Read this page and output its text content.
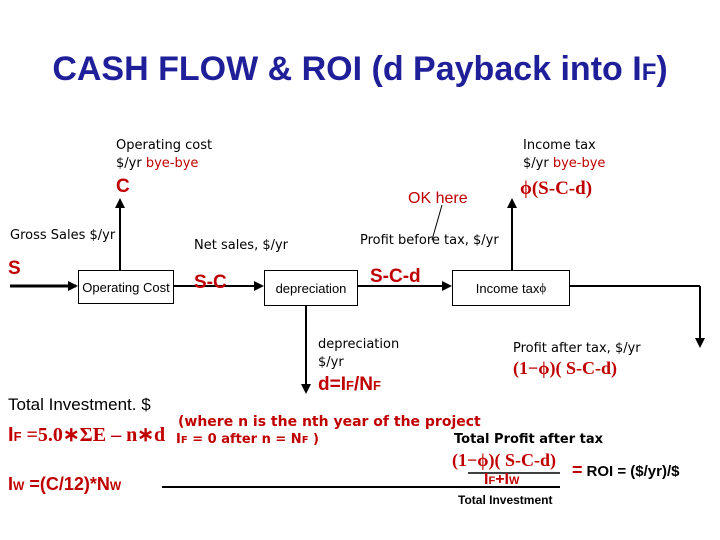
CASH FLOW & ROI (d Payback into IF)
Operating cost
$/yr bye-bye
C
Income tax
$/yr bye-bye
ϕ(S-C-d)
OK here
Gross Sales $/yr
S
Operating Cost	depreciation	Income tax ϕ
Net sales, $/yr
S-C
Profit before tax, $/yr
S-C-d
depreciation
$/yr
d=IF/NF
Profit after tax, $/yr
(1−ϕ)( S-C-d)
Total Investment. $
IF =5.0∗ΣE – n∗d
(where n is the nth year of the project
IF = 0 after n = NF )
IW =(C/12)*NW
Total Profit after tax
(1−ϕ)( S-C-d)
IF+IW
= ROI = ($/yr)/$
Total Investment
